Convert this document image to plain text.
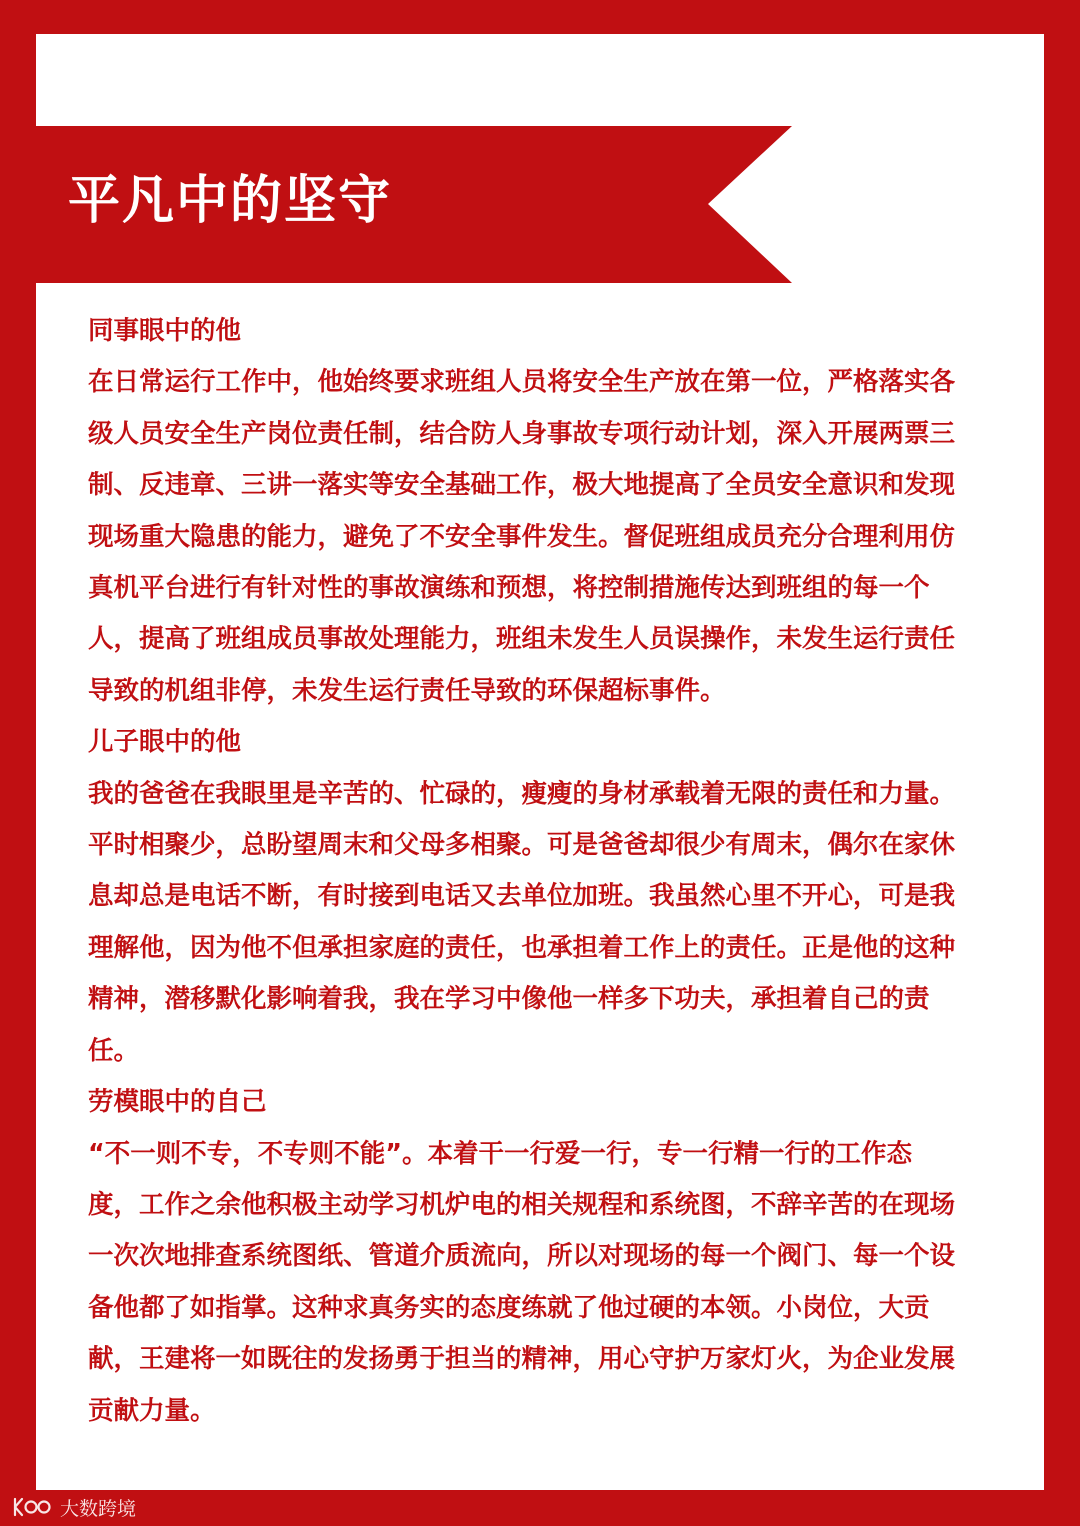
平凡中的坚守

同事眼中的他

在日常运行工作中，他始终要求班组人员将安全生产放在第一位，严格落实各级人员安全生产岗位责任制，结合防人身事故专项行动计划，深入开展两票三制、反违章、三讲一落实等安全基础工作，极大地提高了全员安全意识和发现现场重大隐患的能力，避免了不安全事件发生。督促班组成员充分合理利用仿真机平台进行有针对性的事故演练和预想，将控制措施传达到班组的每一个人，提高了班组成员事故处理能力，班组未发生人员误操作，未发生运行责任导致的机组非停，未发生运行责任导致的环保超标事件。

儿子眼中的他

我的爸爸在我眼里是辛苦的、忙碌的，瘦瘦的身材承载着无限的责任和力量。平时相聚少，总盼望周末和父母多相聚。可是爸爸却很少有周末，偶尔在家休息却总是电话不断，有时接到电话又去单位加班。我虽然心里不开心，可是我理解他，因为他不但承担家庭的责任，也承担着工作上的责任。正是他的这种精神，潜移默化影响着我，我在学习中像他一样多下功夫，承担着自己的责任。

劳模眼中的自己

“不一则不专，不专则不能”。本着干一行爱一行，专一行精一行的工作态度，工作之余他积极主动学习机炉电的相关规程和系统图，不辞辛苦的在现场一次次地排查系统图纸、管道介质流向，所以对现场的每一个阀门、每一个设备他都了如指掌。这种求真务实的态度练就了他过硬的本领。小岗位，大贡献，王建将一如既往的发扬勇于担当的精神，用心守护万家灯火，为企业发展贡献力量。

大数跨境
